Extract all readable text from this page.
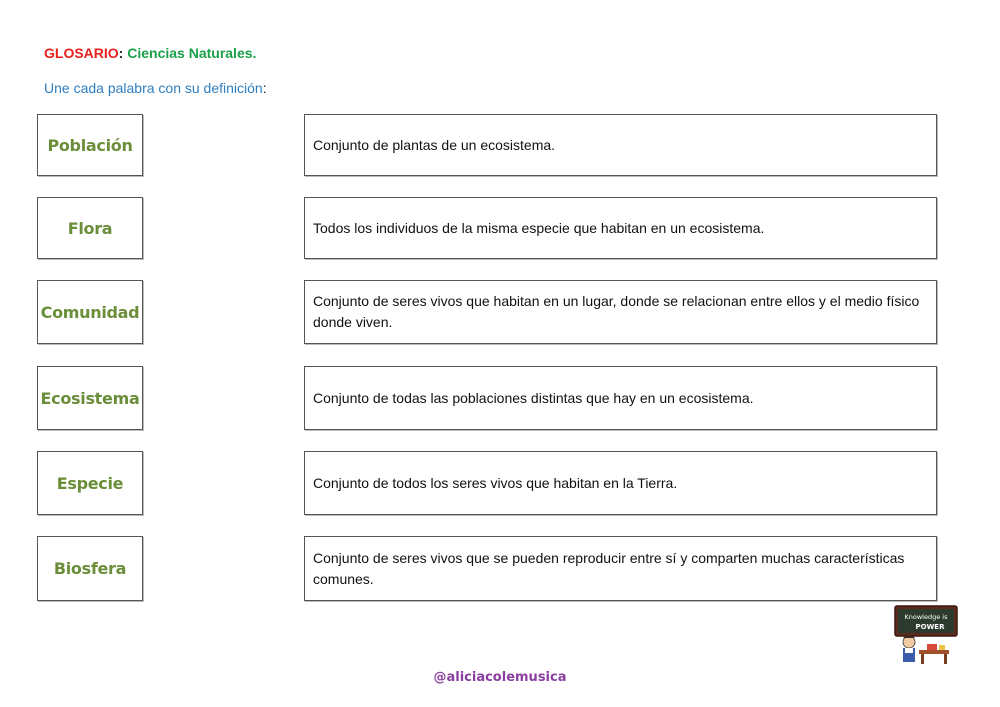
GLOSARIO: Ciencias Naturales.
Une cada palabra con su definición:
Población
Flora
Comunidad
Ecosistema
Especie
Biosfera
Conjunto de plantas de un ecosistema.
Todos los individuos de la misma especie que habitan en un ecosistema.
Conjunto de seres vivos que habitan en un lugar, donde se relacionan entre ellos y el medio físico donde viven.
Conjunto de todas las poblaciones distintas que hay en un ecosistema.
Conjunto de todos los seres vivos que habitan en la Tierra.
Conjunto de seres vivos que se pueden reproducir entre sí y comparten muchas características comunes.
Knowledge is
POWER
@aliciacolemusica
